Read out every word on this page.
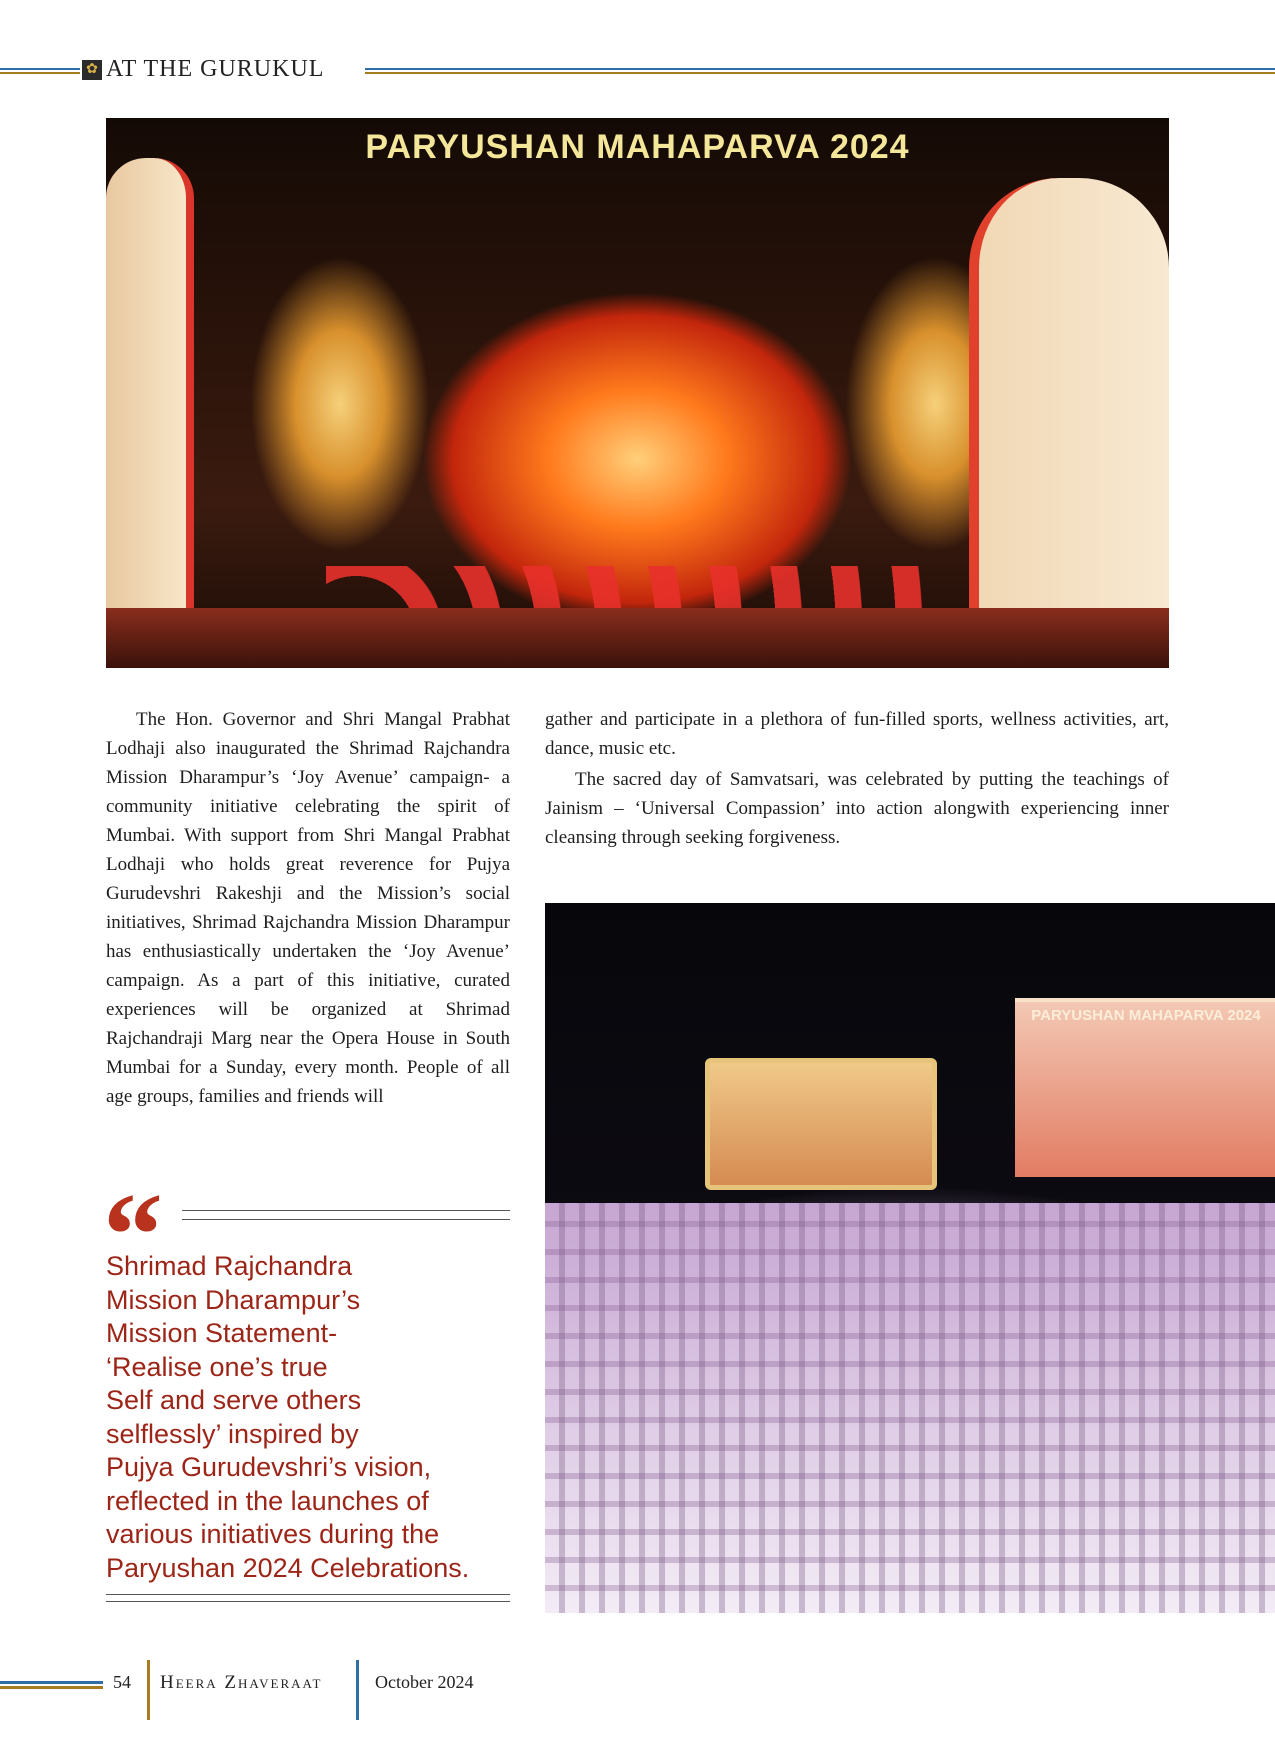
✿ AT THE GURUKUL
PARYUSHAN MAHAPARVA 2024

The Hon. Governor and Shri Mangal Prabhat Lodhaji also inaugurated the Shrimad Rajchandra Mission Dharampur’s ‘Joy Avenue’ campaign- a community initiative celebrating the spirit of Mumbai. With support from Shri Mangal Prabhat Lodhaji who holds great reverence for Pujya Gurudevshri Rakeshji and the Mission’s social initiatives, Shrimad Rajchandra Mission Dharampur has enthusiastically undertaken the ‘Joy Avenue’ campaign. As a part of this initiative, curated experiences will be organized at Shrimad Rajchandraji Marg near the Opera House in South Mumbai for a Sunday, every month. People of all age groups, families and friends will

gather and participate in a plethora of fun-filled sports, wellness activities, art, dance, music etc.

The sacred day of Samvatsari, was celebrated by putting the teachings of Jainism – ‘Universal Compassion’ into action alongwith experiencing inner cleansing through seeking forgiveness.

“
Shrimad Rajchandra
Mission Dharampur’s
Mission Statement-
‘Realise one’s true
Self and serve others
selflessly’ inspired by
Pujya Gurudevshri’s vision,
reflected in the launches of
various initiatives during the
Paryushan 2024 Celebrations.
PARYUSHAN MAHAPARVA 2024
54 Heera Zhaveraat	October 2024
